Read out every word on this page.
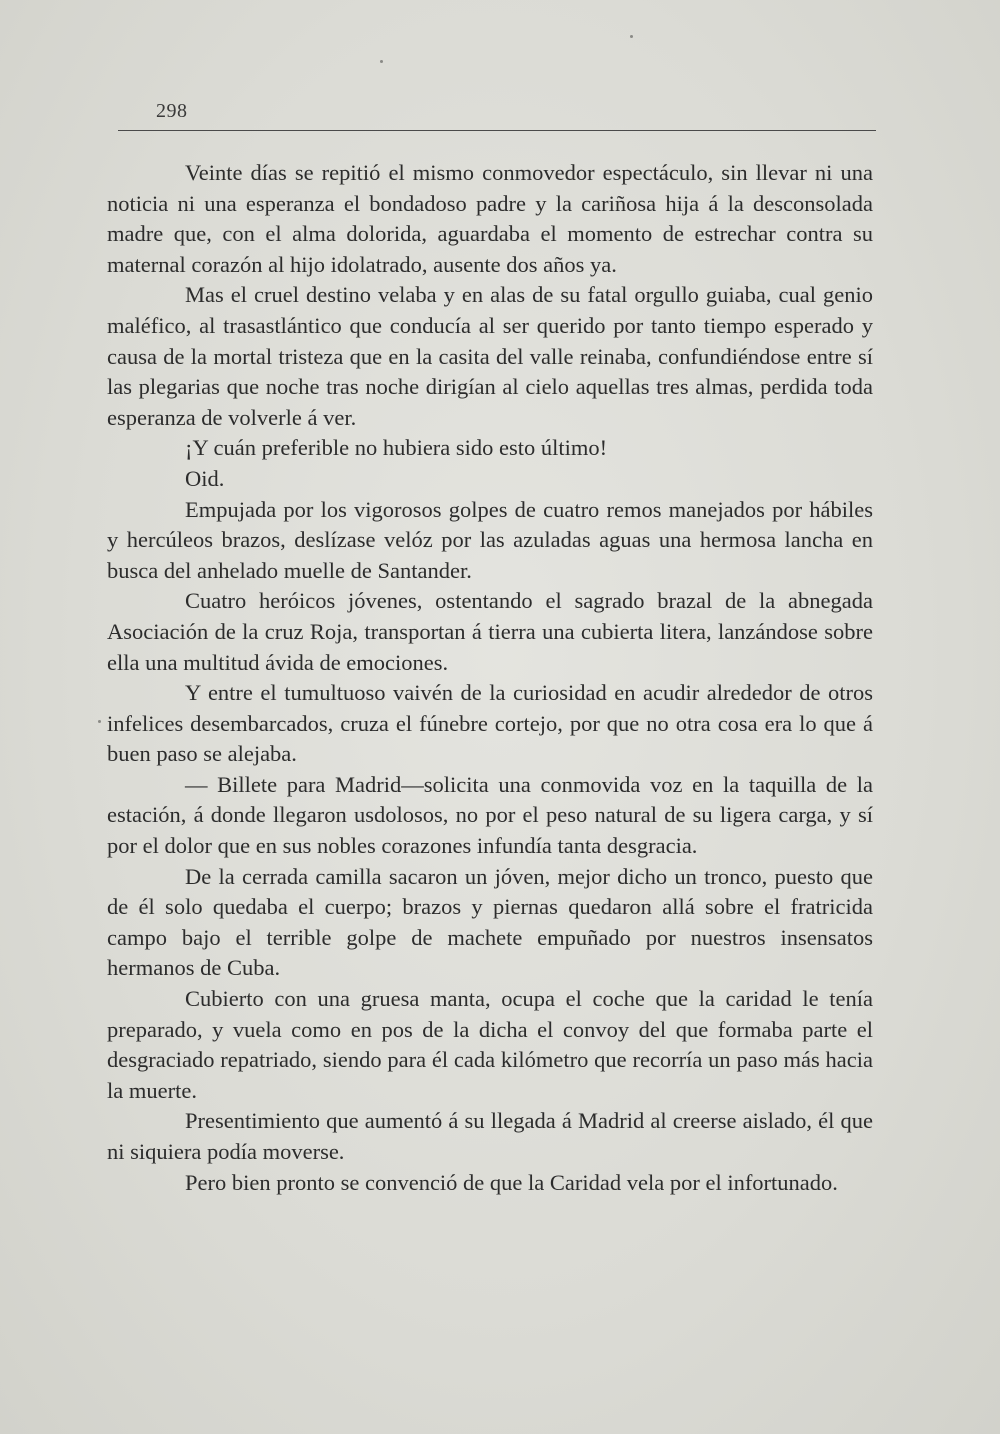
298

Veinte días se repitió el mismo conmovedor espectáculo, sin llevar ni una noticia ni una esperanza el bondadoso padre y la cariñosa hija á la desconsolada madre que, con el alma dolorida, aguardaba el momento de estrechar contra su maternal corazón al hijo idolatrado, ausente dos años ya.

Mas el cruel destino velaba y en alas de su fatal orgullo guiaba, cual genio maléfico, al trasastlántico que conducía al ser querido por tanto tiempo esperado y causa de la mortal tristeza que en la casita del valle reinaba, confundiéndose entre sí las plegarias que noche tras noche dirigían al cielo aquellas tres almas, perdida toda esperanza de volverle á ver.

¡Y cuán preferible no hubiera sido esto último!

Oid.

Empujada por los vigorosos golpes de cuatro remos manejados por hábiles y hercúleos brazos, deslízase velóz por las azuladas aguas una hermosa lancha en busca del anhelado muelle de Santander.

Cuatro heróicos jóvenes, ostentando el sagrado brazal de la abnegada Asociación de la cruz Roja, transportan á tierra una cubierta litera, lanzándose sobre ella una multitud ávida de emociones.

Y entre el tumultuoso vaivén de la curiosidad en acudir alrededor de otros infelices desembarcados, cruza el fúnebre cortejo, por que no otra cosa era lo que á buen paso se alejaba.

— Billete para Madrid—solicita una conmovida voz en la taquilla de la estación, á donde llegaron usdolosos, no por el peso natural de su ligera carga, y sí por el dolor que en sus nobles corazones infundía tanta desgracia.

De la cerrada camilla sacaron un jóven, mejor dicho un tronco, puesto que de él solo quedaba el cuerpo; brazos y piernas quedaron allá sobre el fratricida campo bajo el terrible golpe de machete empuñado por nuestros insensatos hermanos de Cuba.

Cubierto con una gruesa manta, ocupa el coche que la caridad le tenía preparado, y vuela como en pos de la dicha el convoy del que formaba parte el desgraciado repatriado, siendo para él cada kilómetro que recorría un paso más hacia la muerte.

Presentimiento que aumentó á su llegada á Madrid al creerse aislado, él que ni siquiera podía moverse.

Pero bien pronto se convenció de que la Caridad vela por el infortunado.
